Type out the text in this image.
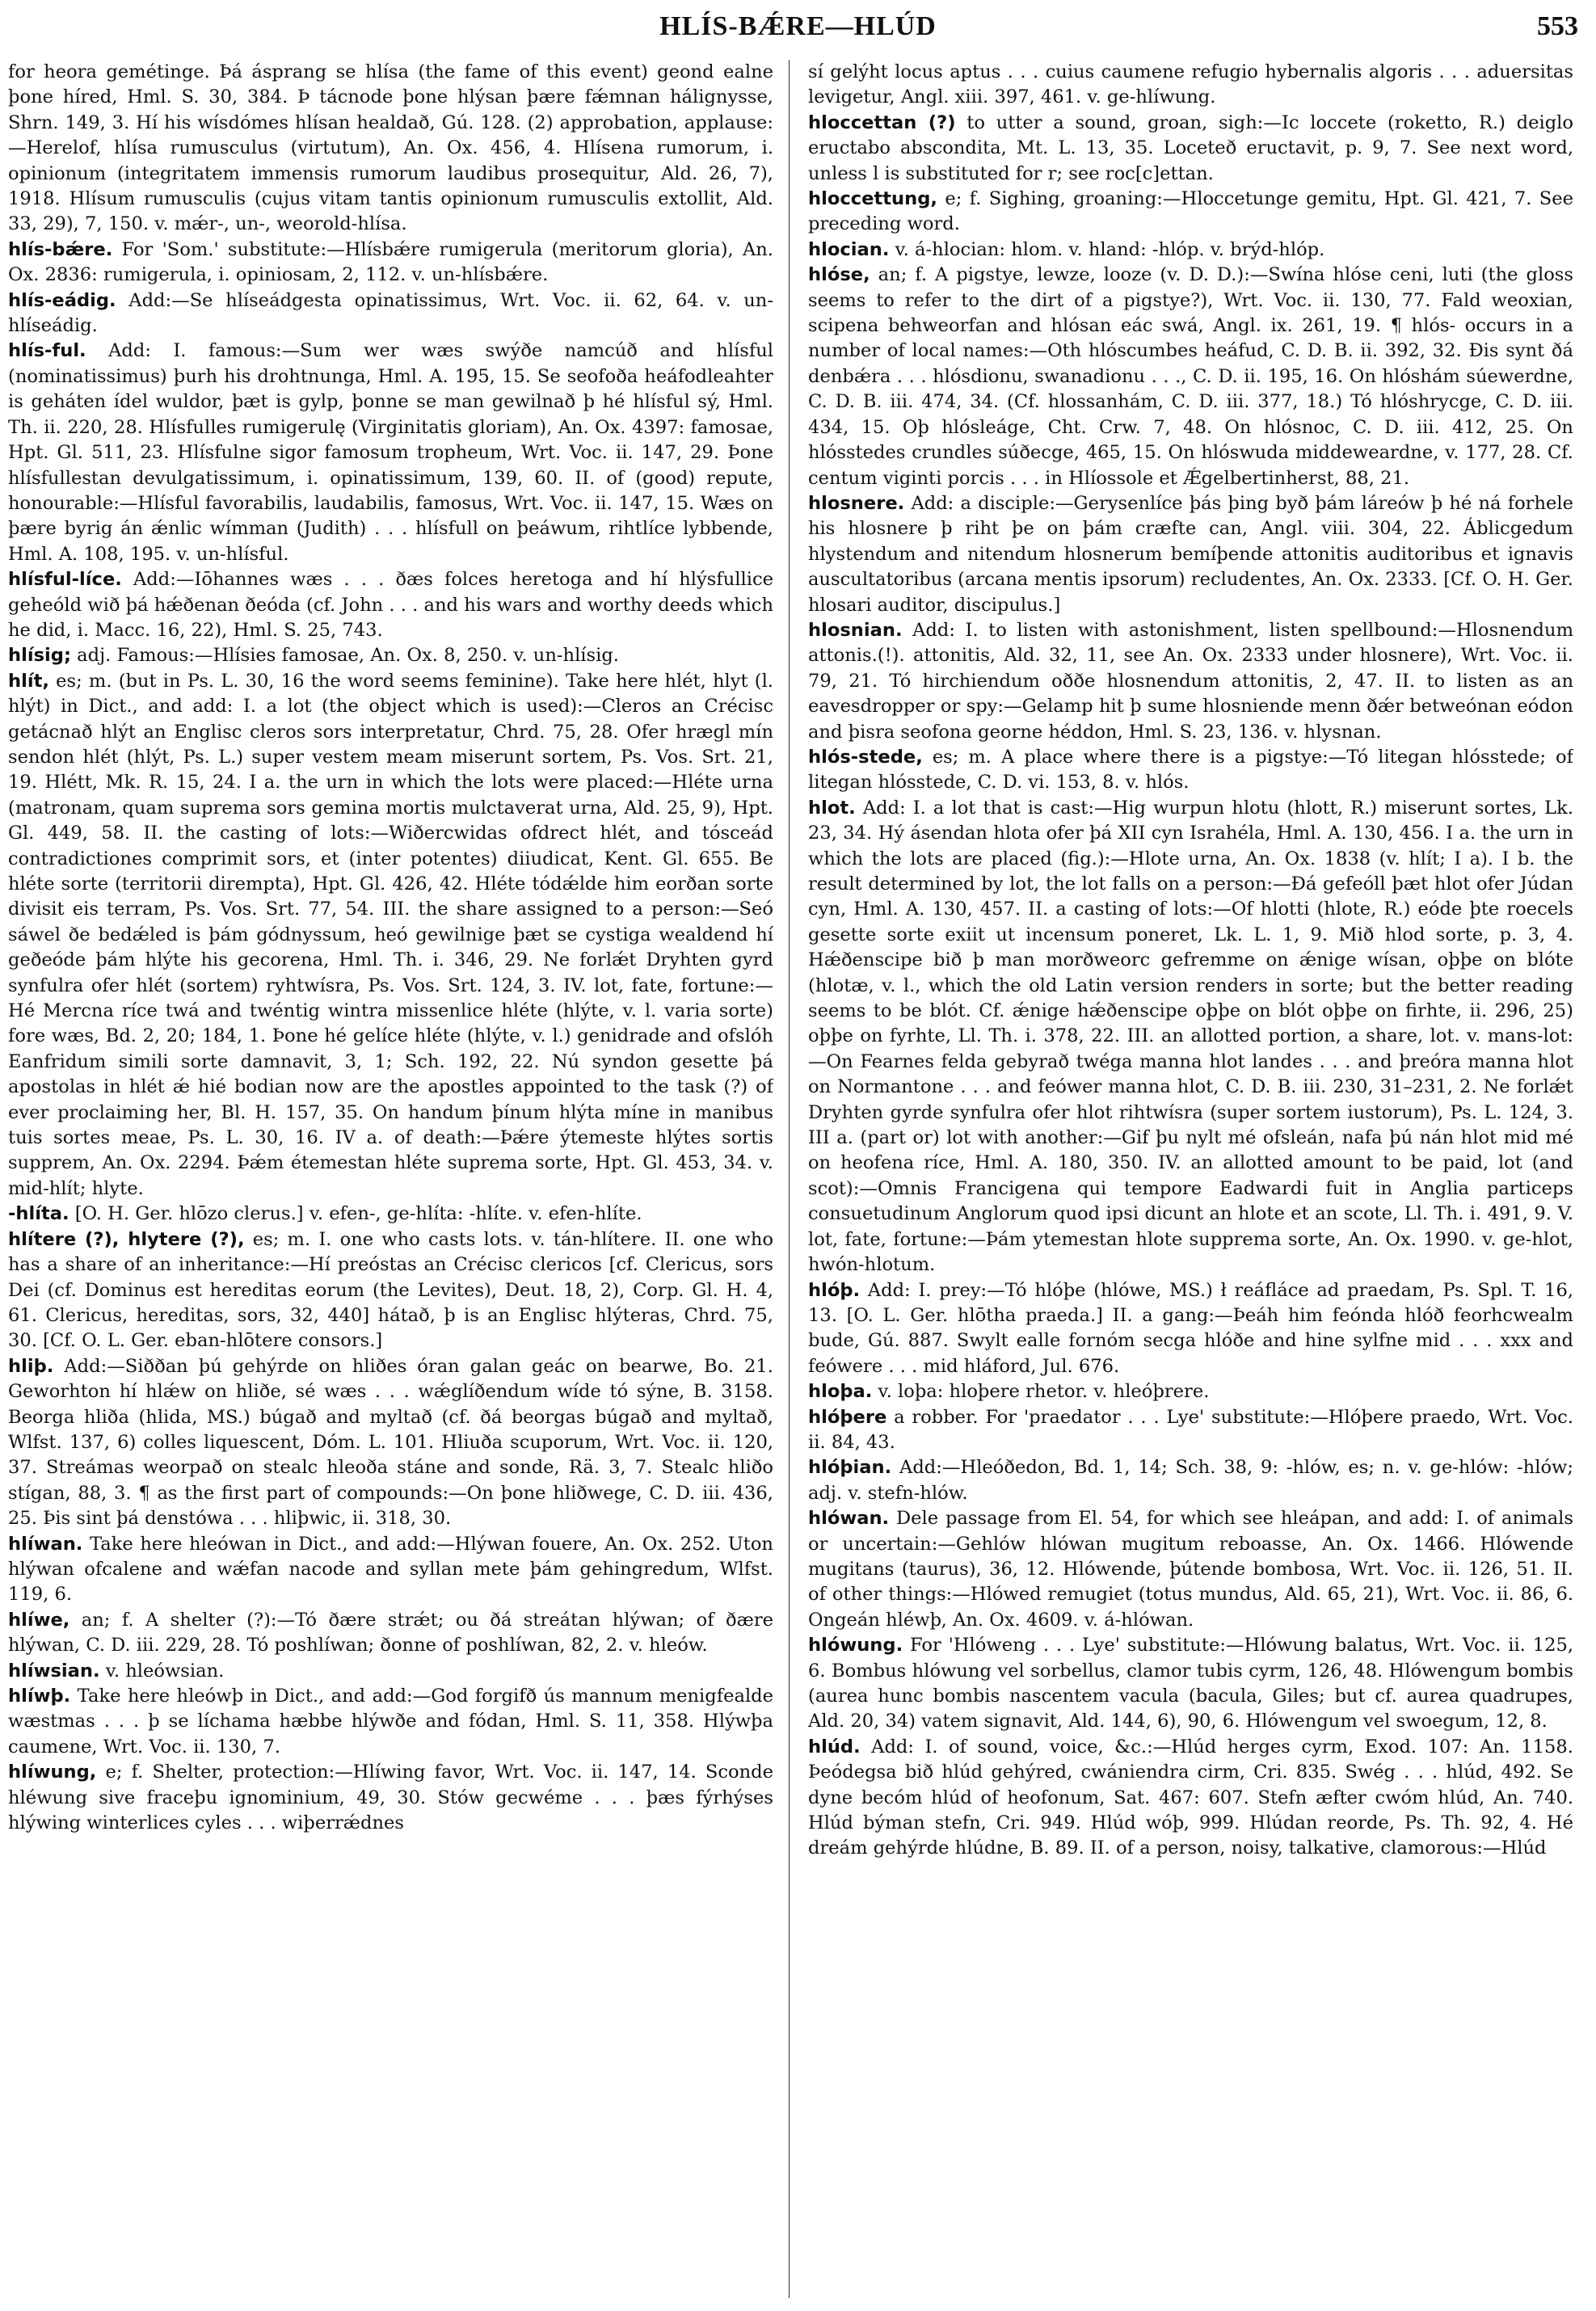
HLÍS-BǼRE—HLÚD	553

for heora gemétinge. Þá ásprang se hlísa (the fame of this event) geond ealne þone híred, Hml. S. 30, 384. Þ tácnode þone hlýsan þære fǽmnan hálignysse, Shrn. 149, 3. Hí his wísdómes hlísan healdað, Gú. 128. (2) approbation, applause:—Herelof, hlísa rumusculus (virtutum), An. Ox. 456, 4. Hlísena rumorum, i. opinionum (integritatem immensis rumorum laudibus prosequitur, Ald. 26, 7), 1918. Hlísum rumusculis (cujus vitam tantis opinionum rumusculis extollit, Ald. 33, 29), 7, 150. v. mǽr-, un-, weorold-hlísa.

hlís-bǽre. For 'Som.' substitute:—Hlísbǽre rumigerula (meritorum gloria), An. Ox. 2836: rumigerula, i. opiniosam, 2, 112. v. un-hlísbǽre.

hlís-eádig. Add:—Se hlíseádgesta opinatissimus, Wrt. Voc. ii. 62, 64. v. un-hlíseádig.

hlís-ful. Add: I. famous:—Sum wer wæs swýðe namcúð and hlísful (nominatissimus) þurh his drohtnunga, Hml. A. 195, 15. Se seofoða heáfodleahter is geháten ídel wuldor, þæt is gylp, þonne se man gewilnað þ hé hlísful sý, Hml. Th. ii. 220, 28. Hlísfulles rumigerulę (Virginitatis gloriam), An. Ox. 4397: famosae, Hpt. Gl. 511, 23. Hlísfulne sigor famosum tropheum, Wrt. Voc. ii. 147, 29. Þone hlísfullestan devulgatissimum, i. opinatissimum, 139, 60. II. of (good) repute, honourable:—Hlísful favorabilis, laudabilis, famosus, Wrt. Voc. ii. 147, 15. Wæs on þære byrig án ǽnlic wímman (Judith) . . . hlísfull on þeáwum, rihtlíce lybbende, Hml. A. 108, 195. v. un-hlísful.

hlísful-líce. Add:—Iōhannes wæs . . . ðæs folces heretoga and hí hlýsfullice geheóld wið þá hǽðenan ðeóda (cf. John . . . and his wars and worthy deeds which he did, i. Macc. 16, 22), Hml. S. 25, 743.

hlísig; adj. Famous:—Hlísies famosae, An. Ox. 8, 250. v. un-hlísig.

hlít, es; m. (but in Ps. L. 30, 16 the word seems feminine). Take here hlét, hlyt (l. hlýt) in Dict., and add: I. a lot (the object which is used):—Cleros an Crécisc getácnað hlýt an Englisc cleros sors interpretatur, Chrd. 75, 28. Ofer hrægl mín sendon hlét (hlýt, Ps. L.) super vestem meam miserunt sortem, Ps. Vos. Srt. 21, 19. Hlétt, Mk. R. 15, 24. I a. the urn in which the lots were placed:—Hléte urna (matronam, quam suprema sors gemina mortis mulctaverat urna, Ald. 25, 9), Hpt. Gl. 449, 58. II. the casting of lots:—Wiðercwidas ofdrect hlét, and tósceád contradictiones comprimit sors, et (inter potentes) diiudicat, Kent. Gl. 655. Be hléte sorte (territorii dirempta), Hpt. Gl. 426, 42. Hléte tódǽlde him eorðan sorte divisit eis terram, Ps. Vos. Srt. 77, 54. III. the share assigned to a person:—Seó sáwel ðe bedǽled is þám gódnyssum, heó gewilnige þæt se cystiga wealdend hí geðeóde þám hlýte his gecorena, Hml. Th. i. 346, 29. Ne forlǽt Dryhten gyrd synfulra ofer hlét (sortem) ryhtwísra, Ps. Vos. Srt. 124, 3. IV. lot, fate, fortune:—Hé Mercna ríce twá and twéntig wintra missenlice hléte (hlýte, v. l. varia sorte) fore wæs, Bd. 2, 20; 184, 1. Þone hé gelíce hléte (hlýte, v. l.) genidrade and ofslóh Eanfridum simili sorte damnavit, 3, 1; Sch. 192, 22. Nú syndon gesette þá apostolas in hlét ǽ hié bodian now are the apostles appointed to the task (?) of ever proclaiming her, Bl. H. 157, 35. On handum þínum hlýta míne in manibus tuis sortes meae, Ps. L. 30, 16. IV a. of death:—Þǽre ýtemeste hlýtes sortis supprem, An. Ox. 2294. Þǽm étemestan hléte suprema sorte, Hpt. Gl. 453, 34. v. mid-hlít; hlyte.

-hlíta. [O. H. Ger. hlōzo clerus.] v. efen-, ge-hlíta: -hlíte. v. efen-hlíte.

hlítere (?), hlytere (?), es; m. I. one who casts lots. v. tán-hlítere. II. one who has a share of an inheritance:—Hí preóstas an Crécisc clericos [cf. Clericus, sors Dei (cf. Dominus est hereditas eorum (the Levites), Deut. 18, 2), Corp. Gl. H. 4, 61. Clericus, hereditas, sors, 32, 440] hátað, þ is an Englisc hlýteras, Chrd. 75, 30. [Cf. O. L. Ger. eban-hlōtere consors.]

hliþ. Add:—Siððan þú gehýrde on hliðes óran galan geác on bearwe, Bo. 21. Geworhton hí hlǽw on hliðe, sé wæs . . . wǽglíðendum wíde tó sýne, B. 3158. Beorga hliða (hlida, MS.) búgað and myltað (cf. ðá beorgas búgað and myltað, Wlfst. 137, 6) colles liquescent, Dóm. L. 101. Hliuða scuporum, Wrt. Voc. ii. 120, 37. Streámas weorpað on stealc hleoða stáne and sonde, Rä. 3, 7. Stealc hliðo stígan, 88, 3. ¶ as the first part of compounds:—On þone hliðwege, C. D. iii. 436, 25. Þis sint þá denstówa . . . hliþwic, ii. 318, 30.

hlíwan. Take here hleówan in Dict., and add:—Hlýwan fouere, An. Ox. 252. Uton hlýwan ofcalene and wǽfan nacode and syllan mete þám gehingredum, Wlfst. 119, 6.

hlíwe, an; f. A shelter (?):—Tó ðære strǽt; ou ðá streátan hlýwan; of ðære hlýwan, C. D. iii. 229, 28. Tó poshlíwan; ðonne of poshlíwan, 82, 2. v. hleów.

hlíwsian. v. hleówsian.

hlíwþ. Take here hleówþ in Dict., and add:—God forgifð ús mannum menigfealde wæstmas . . . þ se líchama hæbbe hlýwðe and fódan, Hml. S. 11, 358. Hlýwþa caumene, Wrt. Voc. ii. 130, 7.

hlíwung, e; f. Shelter, protection:—Hlíwing favor, Wrt. Voc. ii. 147, 14. Sconde hléwung sive fraceþu ignominium, 49, 30. Stów gecwéme . . . þæs fýrhýses hlýwing winterlices cyles . . . wiþerrǽdnes

sí gelýht locus aptus . . . cuius caumene refugio hybernalis algoris . . . aduersitas levigetur, Angl. xiii. 397, 461. v. ge-hlíwung.

hloccettan (?) to utter a sound, groan, sigh:—Ic loccete (roketto, R.) deiglo eructabo abscondita, Mt. L. 13, 35. Loceteð eructavit, p. 9, 7. See next word, unless l is substituted for r; see roc[c]ettan.

hloccettung, e; f. Sighing, groaning:—Hloccetunge gemitu, Hpt. Gl. 421, 7. See preceding word.

hlocian. v. á-hlocian: hlom. v. hland: -hlóp. v. brýd-hlóp.

hlóse, an; f. A pigstye, lewze, looze (v. D. D.):—Swína hlóse ceni, luti (the gloss seems to refer to the dirt of a pigstye?), Wrt. Voc. ii. 130, 77. Fald weoxian, scipena behweorfan and hlósan eác swá, Angl. ix. 261, 19. ¶ hlós- occurs in a number of local names:—Oth hlóscumbes heáfud, C. D. B. ii. 392, 32. Ðis synt ðá denbǽra . . . hlósdionu, swanadionu . . ., C. D. ii. 195, 16. On hlóshám súewerdne, C. D. B. iii. 474, 34. (Cf. hlossanhám, C. D. iii. 377, 18.) Tó hlóshrycge, C. D. iii. 434, 15. Oþ hlósleáge, Cht. Crw. 7, 48. On hlósnoc, C. D. iii. 412, 25. On hlósstedes crundles súðecge, 465, 15. On hlóswuda middeweardne, v. 177, 28. Cf. centum viginti porcis . . . in Hlíossole et Ǽgelbertinherst, 88, 21.

hlosnere. Add: a disciple:—Gerysenlíce þás þing byð þám láreów þ hé ná forhele his hlosnere þ riht þe on þám cræfte can, Angl. viii. 304, 22. Áblicgedum hlystendum and nitendum hlosnerum bemíþende attonitis auditoribus et ignavis auscultatoribus (arcana mentis ipsorum) recludentes, An. Ox. 2333. [Cf. O. H. Ger. hlosari auditor, discipulus.]

hlosnian. Add: I. to listen with astonishment, listen spellbound:—Hlosnendum attonis.(!). attonitis, Ald. 32, 11, see An. Ox. 2333 under hlosnere), Wrt. Voc. ii. 79, 21. Tó hirchiendum oððe hlosnendum attonitis, 2, 47. II. to listen as an eavesdropper or spy:—Gelamp hit þ sume hlosniende menn ðǽr betweónan eódon and þisra seofona georne héddon, Hml. S. 23, 136. v. hlysnan.

hlós-stede, es; m. A place where there is a pigstye:—Tó litegan hlósstede; of litegan hlósstede, C. D. vi. 153, 8. v. hlós.

hlot. Add: I. a lot that is cast:—Hig wurpun hlotu (hlott, R.) miserunt sortes, Lk. 23, 34. Hý ásendan hlota ofer þá XII cyn Israhéla, Hml. A. 130, 456. I a. the urn in which the lots are placed (fig.):—Hlote urna, An. Ox. 1838 (v. hlít; I a). I b. the result determined by lot, the lot falls on a person:—Ðá gefeóll þæt hlot ofer Júdan cyn, Hml. A. 130, 457. II. a casting of lots:—Of hlotti (hlote, R.) eóde þte roecels gesette sorte exiit ut incensum poneret, Lk. L. 1, 9. Mið hlod sorte, p. 3, 4. Hǽðenscipe bið þ man morðweorc gefremme on ǽnige wísan, oþþe on blóte (hlotæ, v. l., which the old Latin version renders in sorte; but the better reading seems to be blót. Cf. ǽnige hǽðenscipe oþþe on blót oþþe on firhte, ii. 296, 25) oþþe on fyrhte, Ll. Th. i. 378, 22. III. an allotted portion, a share, lot. v. mans-lot:—On Fearnes felda gebyrað twéga manna hlot landes . . . and þreóra manna hlot on Normantone . . . and feówer manna hlot, C. D. B. iii. 230, 31–231, 2. Ne forlǽt Dryhten gyrde synfulra ofer hlot rihtwísra (super sortem iustorum), Ps. L. 124, 3. III a. (part or) lot with another:—Gif þu nylt mé ofsleán, nafa þú nán hlot mid mé on heofena ríce, Hml. A. 180, 350. IV. an allotted amount to be paid, lot (and scot):—Omnis Francigena qui tempore Eadwardi fuit in Anglia particeps consuetudinum Anglorum quod ipsi dicunt an hlote et an scote, Ll. Th. i. 491, 9. V. lot, fate, fortune:—Þám ytemestan hlote supprema sorte, An. Ox. 1990. v. ge-hlot, hwón-hlotum.

hlóþ. Add: I. prey:—Tó hlóþe (hlówe, MS.) ł reáfláce ad praedam, Ps. Spl. T. 16, 13. [O. L. Ger. hlōtha praeda.] II. a gang:—Þeáh him feónda hlóð feorhcwealm bude, Gú. 887. Swylt ealle fornóm secga hlóðe and hine sylfne mid . . . xxx and feówere . . . mid hláford, Jul. 676.

hloþa. v. loþa: hloþere rhetor. v. hleóþrere.

hlóþere a robber. For 'praedator . . . Lye' substitute:—Hlóþere praedo, Wrt. Voc. ii. 84, 43.

hlóþian. Add:—Hleóðedon, Bd. 1, 14; Sch. 38, 9: -hlów, es; n. v. ge-hlów: -hlów; adj. v. stefn-hlów.

hlówan. Dele passage from El. 54, for which see hleápan, and add: I. of animals or uncertain:—Gehlów hlówan mugitum reboasse, An. Ox. 1466. Hlówende mugitans (taurus), 36, 12. Hlówende, þútende bombosa, Wrt. Voc. ii. 126, 51. II. of other things:—Hlówed remugiet (totus mundus, Ald. 65, 21), Wrt. Voc. ii. 86, 6. Ongeán hléwþ, An. Ox. 4609. v. á-hlówan.

hlówung. For 'Hlóweng . . . Lye' substitute:—Hlówung balatus, Wrt. Voc. ii. 125, 6. Bombus hlówung vel sorbellus, clamor tubis cyrm, 126, 48. Hlówengum bombis (aurea hunc bombis nascentem vacula (bacula, Giles; but cf. aurea quadrupes, Ald. 20, 34) vatem signavit, Ald. 144, 6), 90, 6. Hlówengum vel swoegum, 12, 8.

hlúd. Add: I. of sound, voice, &c.:—Hlúd herges cyrm, Exod. 107: An. 1158. Þeódegsa bið hlúd gehýred, cwániendra cirm, Cri. 835. Swég . . . hlúd, 492. Se dyne becóm hlúd of heofonum, Sat. 467: 607. Stefn æfter cwóm hlúd, An. 740. Hlúd býman stefn, Cri. 949. Hlúd wóþ, 999. Hlúdan reorde, Ps. Th. 92, 4. Hé dreám gehýrde hlúdne, B. 89. II. of a person, noisy, talkative, clamorous:—Hlúd
